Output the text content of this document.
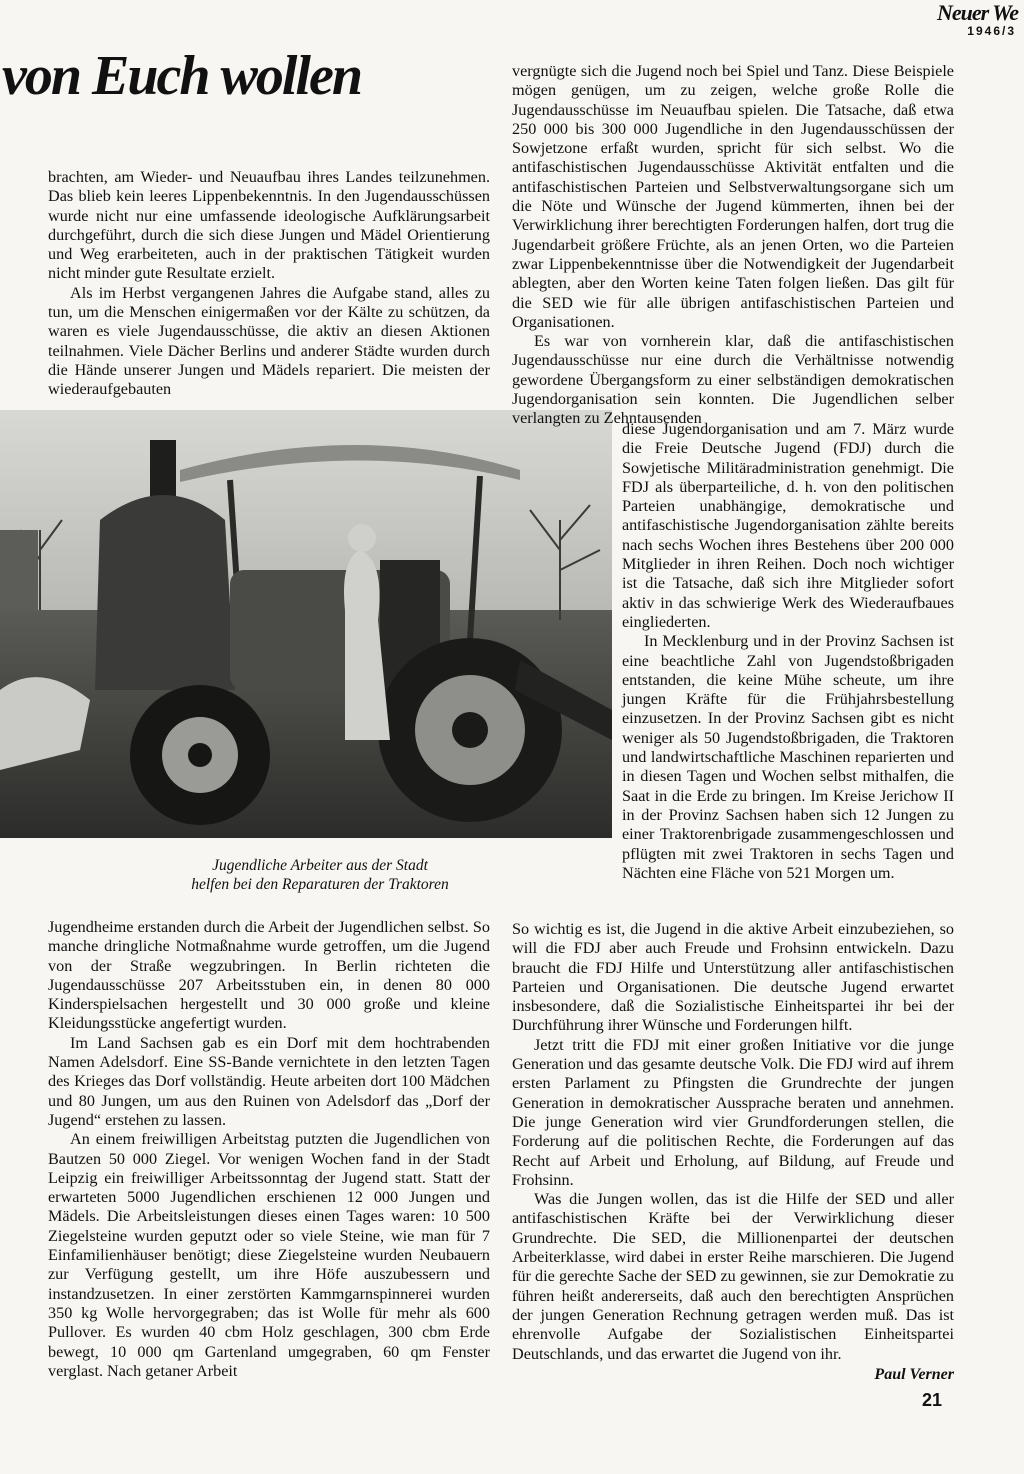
Neuer We
1946/3
von Euch wollen

brachten, am Wieder- und Neuaufbau ihres Landes teilzunehmen. Das blieb kein leeres Lippenbekenntnis. In den Jugendausschüssen wurde nicht nur eine umfassende ideologische Aufklärungsarbeit durchgeführt, durch die sich diese Jungen und Mädel Orientierung und Weg erarbeiteten, auch in der praktischen Tätigkeit wurden nicht minder gute Resultate erzielt.

Als im Herbst vergangenen Jahres die Aufgabe stand, alles zu tun, um die Menschen einigermaßen vor der Kälte zu schützen, da waren es viele Jugendausschüsse, die aktiv an diesen Aktionen teilnahmen. Viele Dächer Berlins und anderer Städte wurden durch die Hände unserer Jungen und Mädels repariert. Die meisten der wiederaufgebauten

vergnügte sich die Jugend noch bei Spiel und Tanz. Diese Beispiele mögen genügen, um zu zeigen, welche große Rolle die Jugendausschüsse im Neuaufbau spielen. Die Tatsache, daß etwa 250 000 bis 300 000 Jugendliche in den Jugendausschüssen der Sowjetzone erfaßt wurden, spricht für sich selbst. Wo die antifaschistischen Jugendausschüsse Aktivität entfalten und die antifaschistischen Parteien und Selbstverwaltungsorgane sich um die Nöte und Wünsche der Jugend kümmerten, ihnen bei der Verwirklichung ihrer berechtigten Forderungen halfen, dort trug die Jugendarbeit größere Früchte, als an jenen Orten, wo die Parteien zwar Lippenbekenntnisse über die Notwendigkeit der Jugendarbeit ablegten, aber den Worten keine Taten folgen ließen. Das gilt für die SED wie für alle übrigen antifaschistischen Parteien und Organisationen.

Es war von vornherein klar, daß die antifaschistischen Jugendausschüsse nur eine durch die Verhältnisse notwendig gewordene Übergangsform zu einer selbständigen demokratischen Jugendorganisation sein konnten. Die Jugendlichen selber verlangten zu Zehntausenden

diese Jugendorganisation und am 7. März wurde die Freie Deutsche Jugend (FDJ) durch die Sowjetische Militäradministration genehmigt. Die FDJ als überparteiliche, d. h. von den politischen Parteien unabhängige, demokratische und antifaschistische Jugendorganisation zählte bereits nach sechs Wochen ihres Bestehens über 200 000 Mitglieder in ihren Reihen. Doch noch wichtiger ist die Tatsache, daß sich ihre Mitglieder sofort aktiv in das schwierige Werk des Wiederaufbaues eingliederten.

In Mecklenburg und in der Provinz Sachsen ist eine beachtliche Zahl von Jugendstoßbrigaden entstanden, die keine Mühe scheute, um ihre jungen Kräfte für die Frühjahrsbestellung einzusetzen. In der Provinz Sachsen gibt es nicht weniger als 50 Jugendstoßbrigaden, die Traktoren und landwirtschaftliche Maschinen reparierten und in diesen Tagen und Wochen selbst mithalfen, die Saat in die Erde zu bringen. Im Kreise Jerichow II in der Provinz Sachsen haben sich 12 Jungen zu einer Traktorenbrigade zusammengeschlossen und pflügten mit zwei Traktoren in sechs Tagen und Nächten eine Fläche von 521 Morgen um.

Jugendliche Arbeiter aus der Stadt
helfen bei den Reparaturen der Traktoren

Jugendheime erstanden durch die Arbeit der Jugendlichen selbst. So manche dringliche Notmaßnahme wurde getroffen, um die Jugend von der Straße wegzubringen. In Berlin richteten die Jugendausschüsse 207 Arbeitsstuben ein, in denen 80 000 Kinderspielsachen hergestellt und 30 000 große und kleine Kleidungsstücke angefertigt wurden.

Im Land Sachsen gab es ein Dorf mit dem hochtrabenden Namen Adelsdorf. Eine SS-Bande vernichtete in den letzten Tagen des Krieges das Dorf vollständig. Heute arbeiten dort 100 Mädchen und 80 Jungen, um aus den Ruinen von Adelsdorf das „Dorf der Jugend“ erstehen zu lassen.

An einem freiwilligen Arbeitstag putzten die Jugendlichen von Bautzen 50 000 Ziegel. Vor wenigen Wochen fand in der Stadt Leipzig ein freiwilliger Arbeitssonntag der Jugend statt. Statt der erwarteten 5000 Jugendlichen erschienen 12 000 Jungen und Mädels. Die Arbeitsleistungen dieses einen Tages waren: 10 500 Ziegelsteine wurden geputzt oder so viele Steine, wie man für 7 Einfamilienhäuser benötigt; diese Ziegelsteine wurden Neubauern zur Verfügung gestellt, um ihre Höfe auszubessern und instandzusetzen. In einer zerstörten Kammgarnspinnerei wurden 350 kg Wolle hervorgegraben; das ist Wolle für mehr als 600 Pullover. Es wurden 40 cbm Holz geschlagen, 300 cbm Erde bewegt, 10 000 qm Gartenland umgegraben, 60 qm Fenster verglast. Nach getaner Arbeit

So wichtig es ist, die Jugend in die aktive Arbeit einzubeziehen, so will die FDJ aber auch Freude und Frohsinn entwickeln. Dazu braucht die FDJ Hilfe und Unterstützung aller antifaschistischen Parteien und Organisationen. Die deutsche Jugend erwartet insbesondere, daß die Sozialistische Einheitspartei ihr bei der Durchführung ihrer Wünsche und Forderungen hilft.

Jetzt tritt die FDJ mit einer großen Initiative vor die junge Generation und das gesamte deutsche Volk. Die FDJ wird auf ihrem ersten Parlament zu Pfingsten die Grundrechte der jungen Generation in demokratischer Aussprache beraten und annehmen. Die junge Generation wird vier Grundforderungen stellen, die Forderung auf die politischen Rechte, die Forderungen auf das Recht auf Arbeit und Erholung, auf Bildung, auf Freude und Frohsinn.

Was die Jungen wollen, das ist die Hilfe der SED und aller antifaschistischen Kräfte bei der Verwirklichung dieser Grundrechte. Die SED, die Millionenpartei der deutschen Arbeiterklasse, wird dabei in erster Reihe marschieren. Die Jugend für die gerechte Sache der SED zu gewinnen, sie zur Demokratie zu führen heißt andererseits, daß auch den berechtigten Ansprüchen der jungen Generation Rechnung getragen werden muß. Das ist ehrenvolle Aufgabe der Sozialistischen Einheitspartei Deutschlands, und das erwartet die Jugend von ihr.

Paul Verner
21
